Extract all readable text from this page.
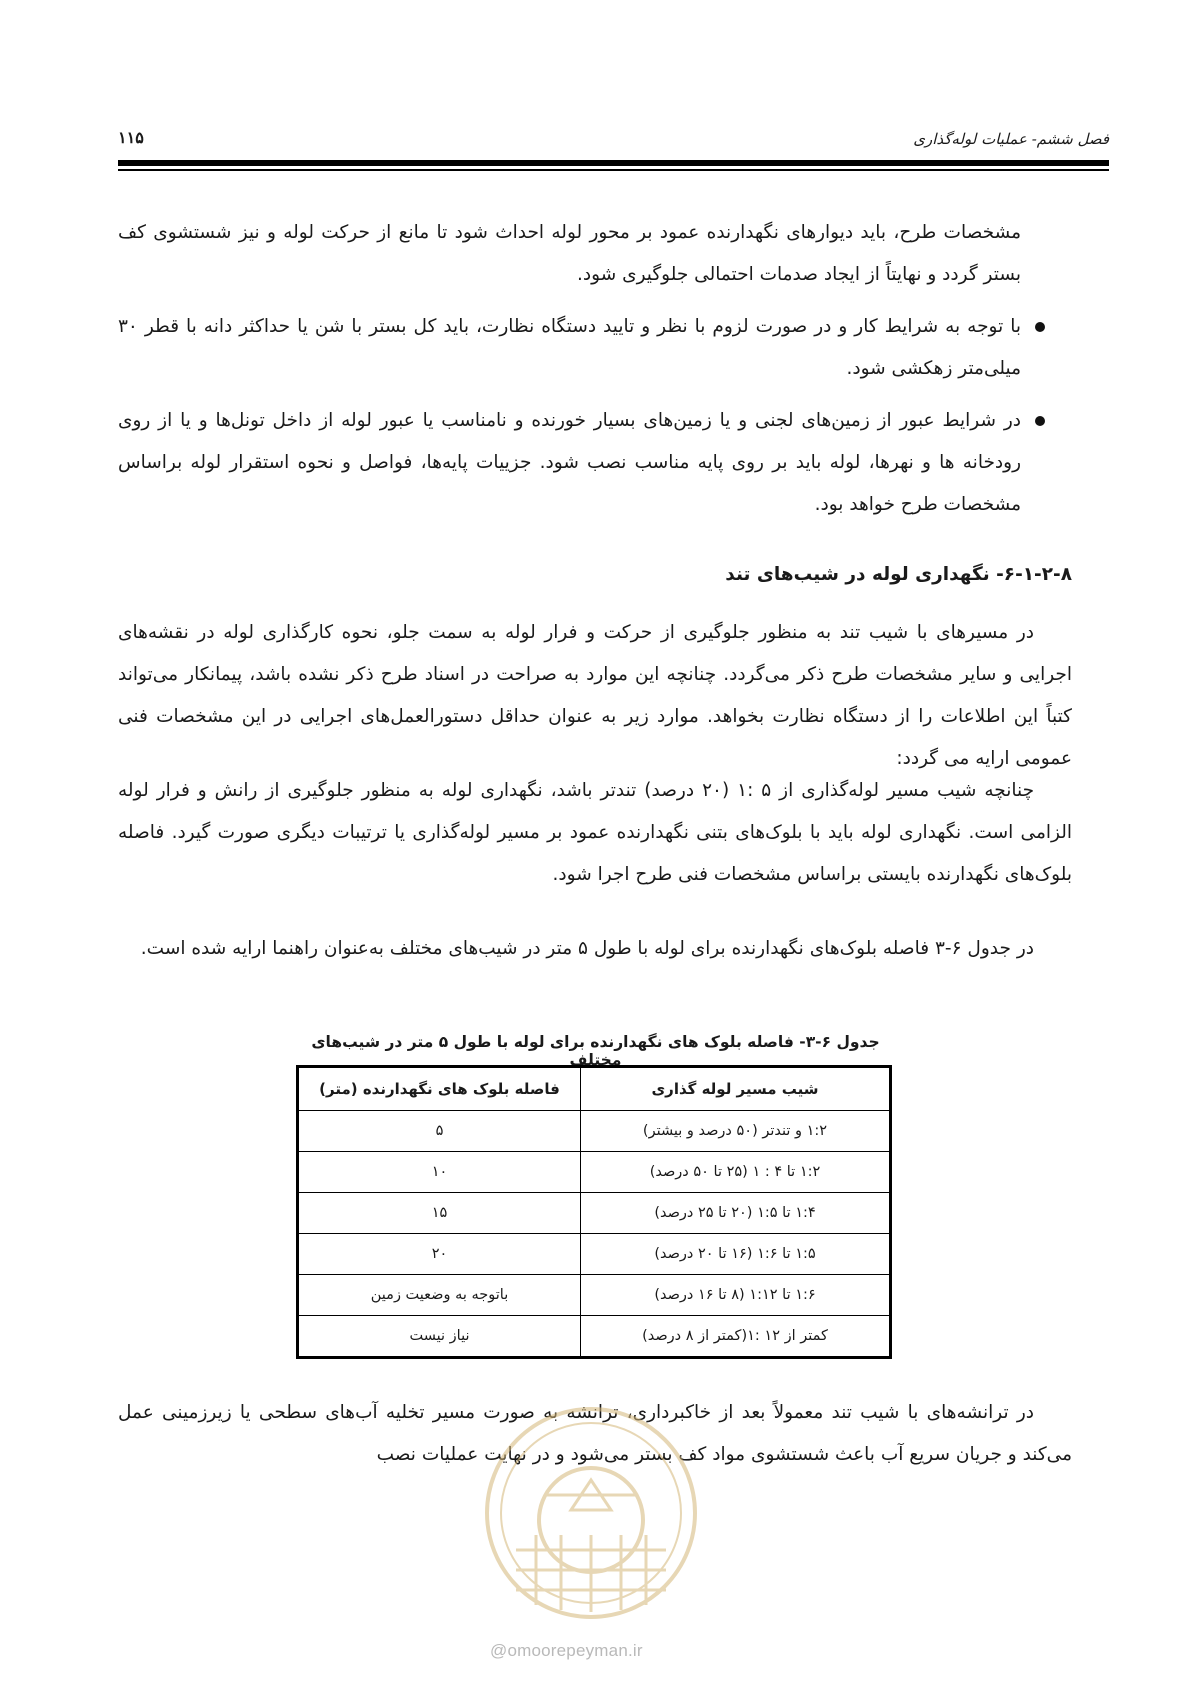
فصل ششم- عملیات لوله‌گذاری
۱۱۵
مشخصات طرح، باید دیوارهای نگهدارنده عمود بر محور لوله احداث شود تا مانع از حرکت لوله و نیز شستشوی کف بستر گردد و نهایتاً از ایجاد صدمات احتمالی جلوگیری شود.
با توجه به شرایط کار و در صورت لزوم با نظر و تایید دستگاه نظارت، باید کل بستر با شن یا حداکثر دانه با قطر ۳۰ میلی‌متر زهکشی شود.
در شرایط عبور از زمین‌های لجنی و یا زمین‌های بسیار خورنده و نامناسب یا عبور لوله از داخل تونل‌ها و یا از روی رودخانه ها و نهرها، لوله باید بر روی پایه مناسب نصب شود. جزییات پایه‌ها، فواصل و نحوه استقرار لوله براساس مشخصات طرح خواهد بود.
۶-۱-۲-۸- نگهداری لوله در شیب‌های تند
در مسیرهای با شیب تند به منظور جلوگیری از حرکت و فرار لوله به سمت جلو، نحوه کارگذاری لوله در نقشه‌های اجرایی و سایر مشخصات طرح ذکر می‌گردد. چنانچه این موارد به صراحت در اسناد طرح ذکر نشده باشد، پیمانکار می‌تواند کتباً این اطلاعات را از دستگاه نظارت بخواهد. موارد زیر به عنوان حداقل دستورالعمل‌های اجرایی در این مشخصات فنی عمومی ارایه می گردد:
چنانچه شیب مسیر لوله‌گذاری از ۵ :۱ (۲۰ درصد) تندتر باشد، نگهداری لوله به منظور جلوگیری از رانش و فرار لوله الزامی است. نگهداری لوله باید با بلوک‌های بتنی نگهدارنده عمود بر مسیر لوله‌گذاری یا ترتیبات دیگری صورت گیرد. فاصله بلوک‌های نگهدارنده بایستی براساس مشخصات فنی طرح اجرا شود.
در جدول ۶-۳ فاصله بلوک‌های نگهدارنده برای لوله با طول ۵ متر در شیب‌های مختلف به‌عنوان راهنما ارایه شده است.
جدول ۶-۳- فاصله بلوک های نگهدارنده برای لوله با طول ۵ متر در شیب‌های مختلف
شیب مسیر لوله گذاری	فاصله بلوک های نگهدارنده (متر)
۱:۲ و تندتر (۵۰ درصد و بیشتر)	۵
۱:۲ تا ۴ : ۱ (۲۵ تا ۵۰ درصد)	۱۰
۱:۴ تا ۱:۵ (۲۰ تا ۲۵ درصد)	۱۵
۱:۵ تا ۱:۶ (۱۶ تا ۲۰ درصد)	۲۰
۱:۶ تا ۱:۱۲ (۸ تا ۱۶ درصد)	باتوجه به وضعیت زمین
کمتر از ۱۲ :۱(کمتر از ۸ درصد)	نیاز نیست
در ترانشه‌های با شیب تند معمولاً بعد از خاکبرداری، ترانشه به صورت مسیر تخلیه آب‌های سطحی یا زیرزمینی عمل می‌کند و جریان سریع آب باعث شستشوی مواد کف بستر می‌شود و در نهایت عملیات نصب
@omoorepeyman.ir
